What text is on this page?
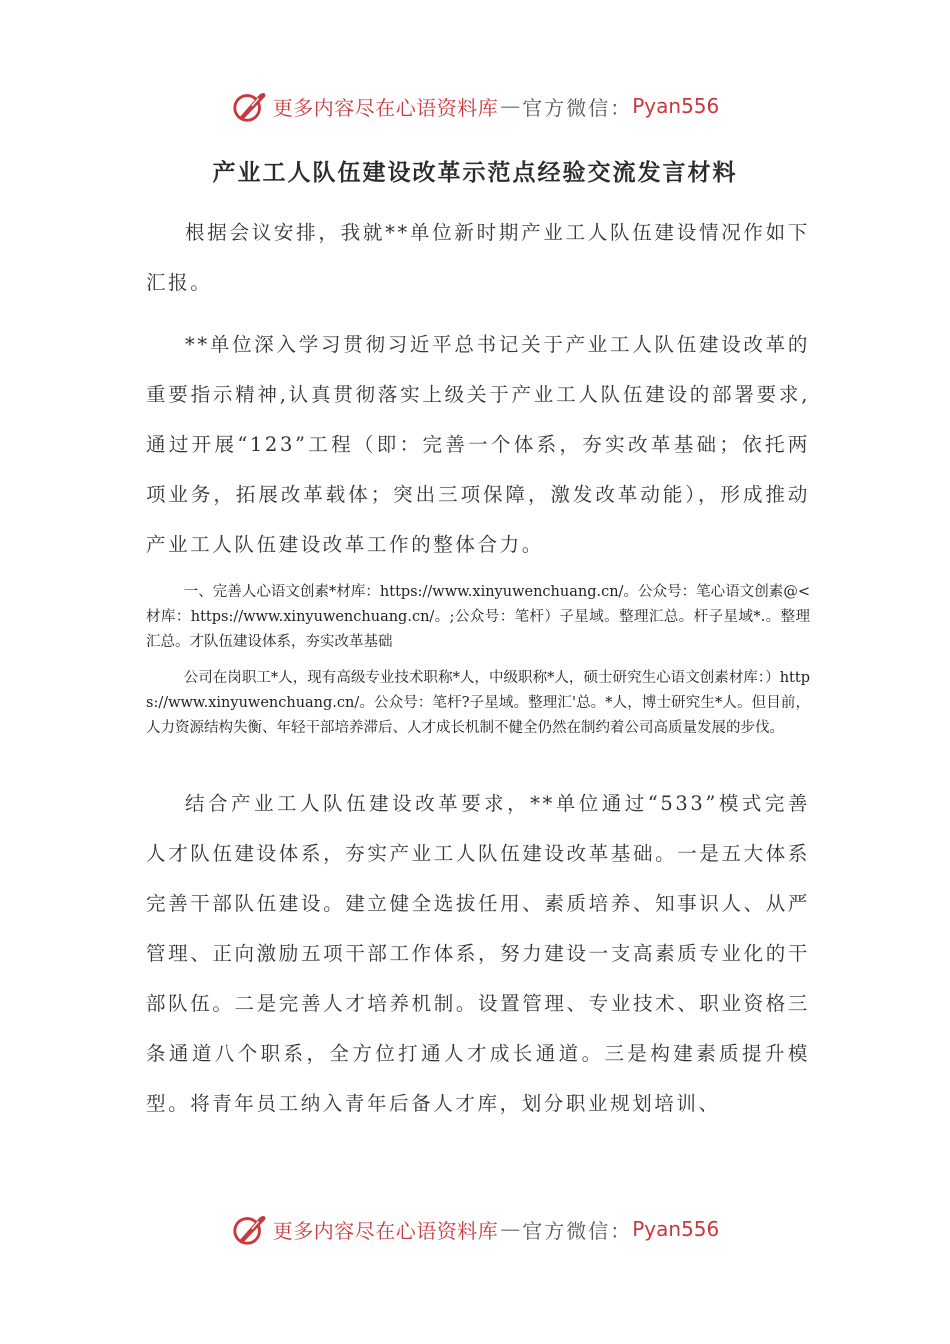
更多内容尽在心语资料库 — 官方微信： Pyan556
产业工人队伍建设改革示范点经验交流发言材料

根据会议安排，我就**单位新时期产业工人队伍建设情况作如下汇报。

**单位深入学习贯彻习近平总书记关于产业工人队伍建设改革的重要指示精神,认真贯彻落实上级关于产业工人队伍建设的部署要求,通过开展“123”工程（即：完善一个体系，夯实改革基础；依托两项业务，拓展改革载体；突出三项保障，激发改革动能），形成推动产业工人队伍建设改革工作的整体合力。

一、完善人心语文创素*材库：https://www.xinyuwenchuang.cn/。公众号：笔心语文创素@<材库：https://www.xinyuwenchuang.cn/。;公众号：笔杆）子星域。整理汇总。杆子星域*.。整理汇总。才队伍建设体系，夯实改革基础

公司在岗职工*人，现有高级专业技术职称*人，中级职称*人，硕士研究生心语文创素材库：）https://www.xinyuwenchuang.cn/。公众号：笔杆?子星域。整理汇'总。*人，博士研究生*人。但目前，人力资源结构失衡、年轻干部培养滞后、人才成长机制不健全仍然在制约着公司高质量发展的步伐。

结合产业工人队伍建设改革要求，**单位通过“533”模式完善人才队伍建设体系，夯实产业工人队伍建设改革基础。一是五大体系完善干部队伍建设。建立健全选拔任用、素质培养、知事识人、从严管理、正向激励五项干部工作体系，努力建设一支高素质专业化的干部队伍。二是完善人才培养机制。设置管理、专业技术、职业资格三条通道八个职系，全方位打通人才成长通道。三是构建素质提升模型。将青年员工纳入青年后备人才库，划分职业规划培训、

更多内容尽在心语资料库 — 官方微信： Pyan556
